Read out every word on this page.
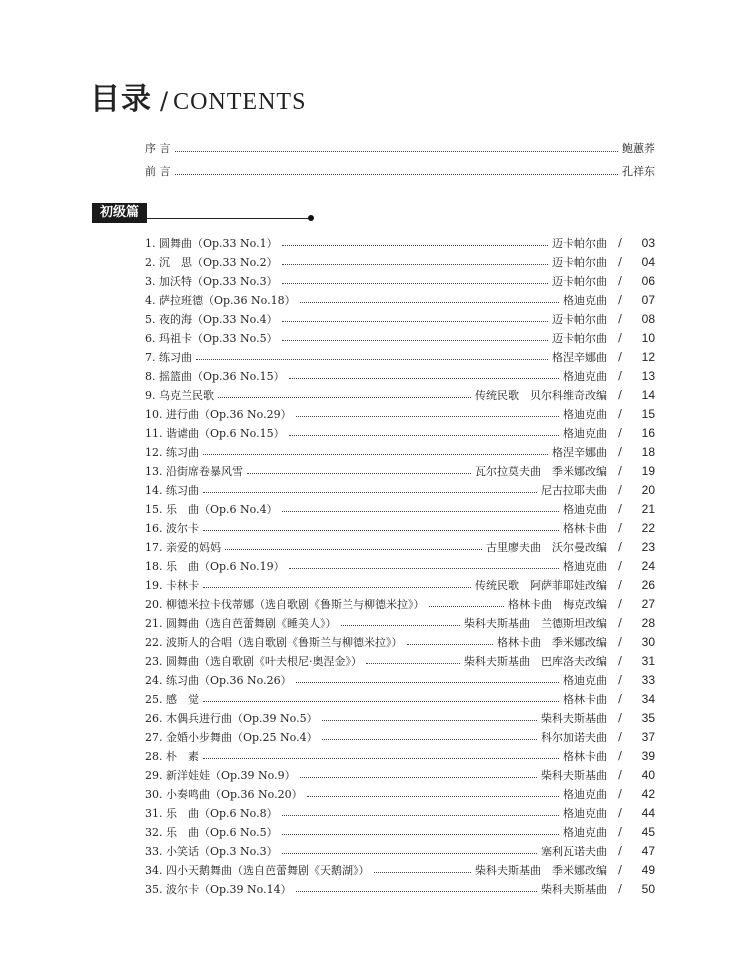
目录 / CONTENTS
序 言	鲍蕙荞
前 言	孔祥东
初级篇
1. 圆舞曲（Op.33 No.1）	迈卡帕尔曲	/	03
2. 沉　思（Op.33 No.2）	迈卡帕尔曲	/	04
3. 加沃特（Op.33 No.3）	迈卡帕尔曲	/	06
4. 萨拉班德（Op.36 No.18）	格迪克曲	/	07
5. 夜的海（Op.33 No.4）	迈卡帕尔曲	/	08
6. 玛祖卡（Op.33 No.5）	迈卡帕尔曲	/	10
7. 练习曲	格涅辛娜曲	/	12
8. 摇篮曲（Op.36 No.15）	格迪克曲	/	13
9. 乌克兰民歌	传统民歌　贝尔科维奇改编	/	14
10. 进行曲（Op.36 No.29）	格迪克曲	/	15
11. 谐谑曲（Op.6 No.15）	格迪克曲	/	16
12. 练习曲	格涅辛娜曲	/	18
13. 沿街席卷暴风雪	瓦尔拉莫夫曲　季米娜改编	/	19
14. 练习曲	尼古拉耶夫曲	/	20
15. 乐　曲（Op.6 No.4）	格迪克曲	/	21
16. 波尔卡	格林卡曲	/	22
17. 亲爱的妈妈	古里廖夫曲　沃尔曼改编	/	23
18. 乐　曲（Op.6 No.19）	格迪克曲	/	24
19. 卡林卡	传统民歌　阿萨菲耶娃改编	/	26
20. 柳德米拉卡伐蒂娜（选自歌剧《鲁斯兰与柳德米拉》）	格林卡曲　梅克改编	/	27
21. 圆舞曲（选自芭蕾舞剧《睡美人》）	柴科夫斯基曲　兰德斯坦改编	/	28
22. 波斯人的合唱（选自歌剧《鲁斯兰与柳德米拉》）	格林卡曲　季米娜改编	/	30
23. 圆舞曲（选自歌剧《叶夫根尼·奥涅金》）	柴科夫斯基曲　巴库洛夫改编	/	31
24. 练习曲（Op.36 No.26）	格迪克曲	/	33
25. 感　觉	格林卡曲	/	34
26. 木偶兵进行曲（Op.39 No.5）	柴科夫斯基曲	/	35
27. 金婚小步舞曲（Op.25 No.4）	科尔加诺夫曲	/	37
28. 朴　素	格林卡曲	/	39
29. 新洋娃娃（Op.39 No.9）	柴科夫斯基曲	/	40
30. 小奏鸣曲（Op.36 No.20）	格迪克曲	/	42
31. 乐　曲（Op.6 No.8）	格迪克曲	/	44
32. 乐　曲（Op.6 No.5）	格迪克曲	/	45
33. 小笑话（Op.3 No.3）	塞利瓦诺夫曲	/	47
34. 四小天鹅舞曲（选自芭蕾舞剧《天鹅湖》）	柴科夫斯基曲　季米娜改编	/	49
35. 波尔卡（Op.39 No.14）	柴科夫斯基曲	/	50
